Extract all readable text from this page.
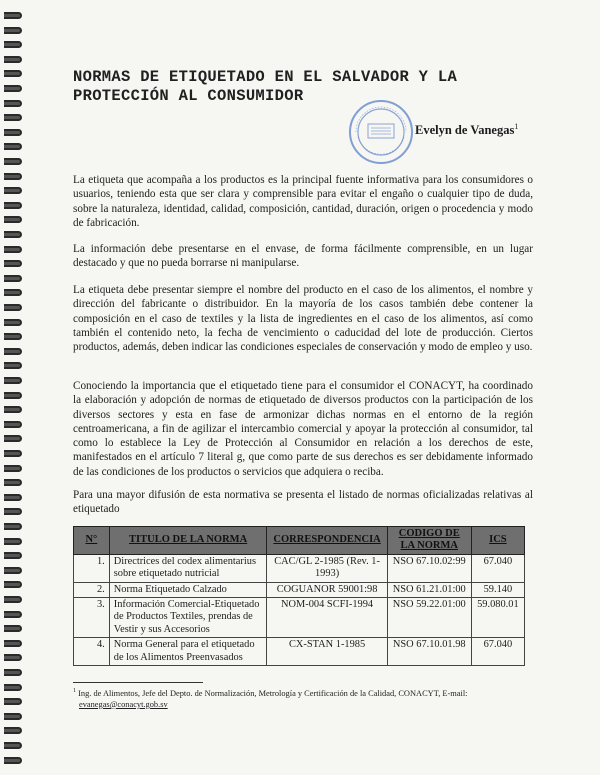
NORMAS DE ETIQUETADO EN EL SALVADOR Y LA PROTECCIÓN AL CONSUMIDOR
Evelyn de Vanegas$^1$

La etiqueta que acompaña a los productos es la principal fuente informativa para los consumidores o usuarios, teniendo esta que ser clara y comprensible para evitar el engaño o cualquier tipo de duda, sobre la naturaleza, identidad, calidad, composición, cantidad, duración, origen o procedencia y modo de fabricación.

La información debe presentarse en el envase, de forma fácilmente comprensible, en un lugar destacado y que no pueda borrarse ni manipularse.

La etiqueta debe presentar siempre el nombre del producto en el caso de los alimentos, el nombre y dirección del fabricante o distribuidor. En la mayoría de los casos también debe contener la composición en el caso de textiles y la lista de ingredientes en el caso de los alimentos, así como también el contenido neto, la fecha de vencimiento o caducidad del lote de producción. Ciertos productos, además, deben indicar las condiciones especiales de conservación y modo de empleo y uso.

Conociendo la importancia que el etiquetado tiene para el consumidor el CONACYT, ha coordinado la elaboración y adopción de normas de etiquetado de diversos productos con la participación de los diversos sectores y esta en fase de armonizar dichas normas en el entorno de la región centroamericana, a fin de agilizar el intercambio comercial y apoyar la protección al consumidor, tal como lo establece la Ley de Protección al Consumidor en relación a los derechos de este, manifestados en el artículo 7 literal g, que como parte de sus derechos es ser debidamente informado de las condiciones de los productos o servicios que adquiera o reciba.

Para una mayor difusión de esta normativa se presenta el listado de normas oficializadas relativas al etiquetado

N°	TITULO DE LA NORMA	CORRESPONDENCIA	CODIGO DE LA NORMA	ICS
1.	Directrices del codex alimentarius sobre etiquetado nutricial	CAC/GL 2-1985 (Rev. 1-1993)	NSO 67.10.02:99	67.040
2.	Norma Etiquetado Calzado	COGUANOR 59001:98	NSO 61.21.01:00	59.140
3.	Información Comercial-Etiquetado de Productos Textiles, prendas de Vestir y sus Accesorios	NOM-004 SCFI-1994	NSO 59.22.01:00	59.080.01
4.	Norma General para el etiquetado de los Alimentos Preenvasados	CX-STAN 1-1985	NSO 67.10.01.98	67.040
$^1$ Ing. de Alimentos, Jefe del Depto. de Normalización, Metrología y Certificación de la Calidad, CONACYT, E-mail:
evanegas@conacyt.gob.sv
